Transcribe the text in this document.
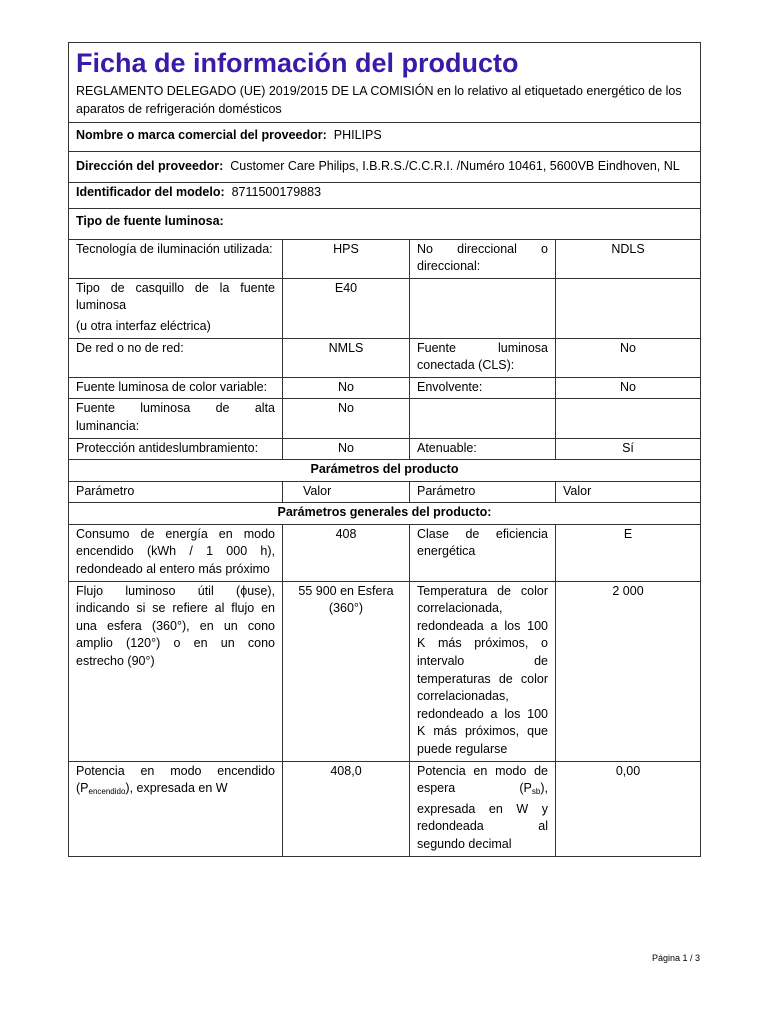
Ficha de información del producto
REGLAMENTO DELEGADO (UE) 2019/2015 DE LA COMISIÓN en lo relativo al etiquetado energético de los aparatos de refrigeración domésticos			

Nombre o marca comercial del proveedor: PHILIPS			
Dirección del proveedor: Customer Care Philips, I.B.R.S./C.C.R.I. /Numéro 10461, 5600VB Eindhoven, NL			
Identificador del modelo: 8711500179883			
Tipo de fuente luminosa:			
Tecnología de iluminación utilizada:	HPS	No direccional o direccional:	NDLS

Tipo de casquillo de la fuente luminosa
(u otra interfaz eléctrica)	E40		
De red o no de red:	NMLS	Fuente luminosa conectada (CLS):	No
Fuente luminosa de color variable:	No	Envolvente:	No
Fuente luminosa de alta luminancia:	No		
Protección antideslumbramiento:	No	Atenuable:	Sí
Parámetros del producto			
Parámetro	Valor	Parámetro	Valor
Parámetros generales del producto:			
Consumo de energía en modo encendido (kWh / 1 000 h), redondeado al entero más próximo	408	Clase de eficiencia energética	E
Flujo luminoso útil (ϕuse), indicando si se refiere al flujo en una esfera (360°), en un cono amplio (120°) o en un cono estrecho (90°)	55 900 en Esfera (360°)	Temperatura de color correlacionada, redondeada a los 100 K más próximos, o intervalo de temperaturas de color correlacionadas, redondeado a los 100 K más próximos, que puede regularse	2 000
Potencia en modo encendido $(P_{encendido})$, expresada en W	408,0	Potencia en modo de espera $(P_{sb})$, expresada en W y redondeada al segundo decimal	0,00
Página 1 / 3
